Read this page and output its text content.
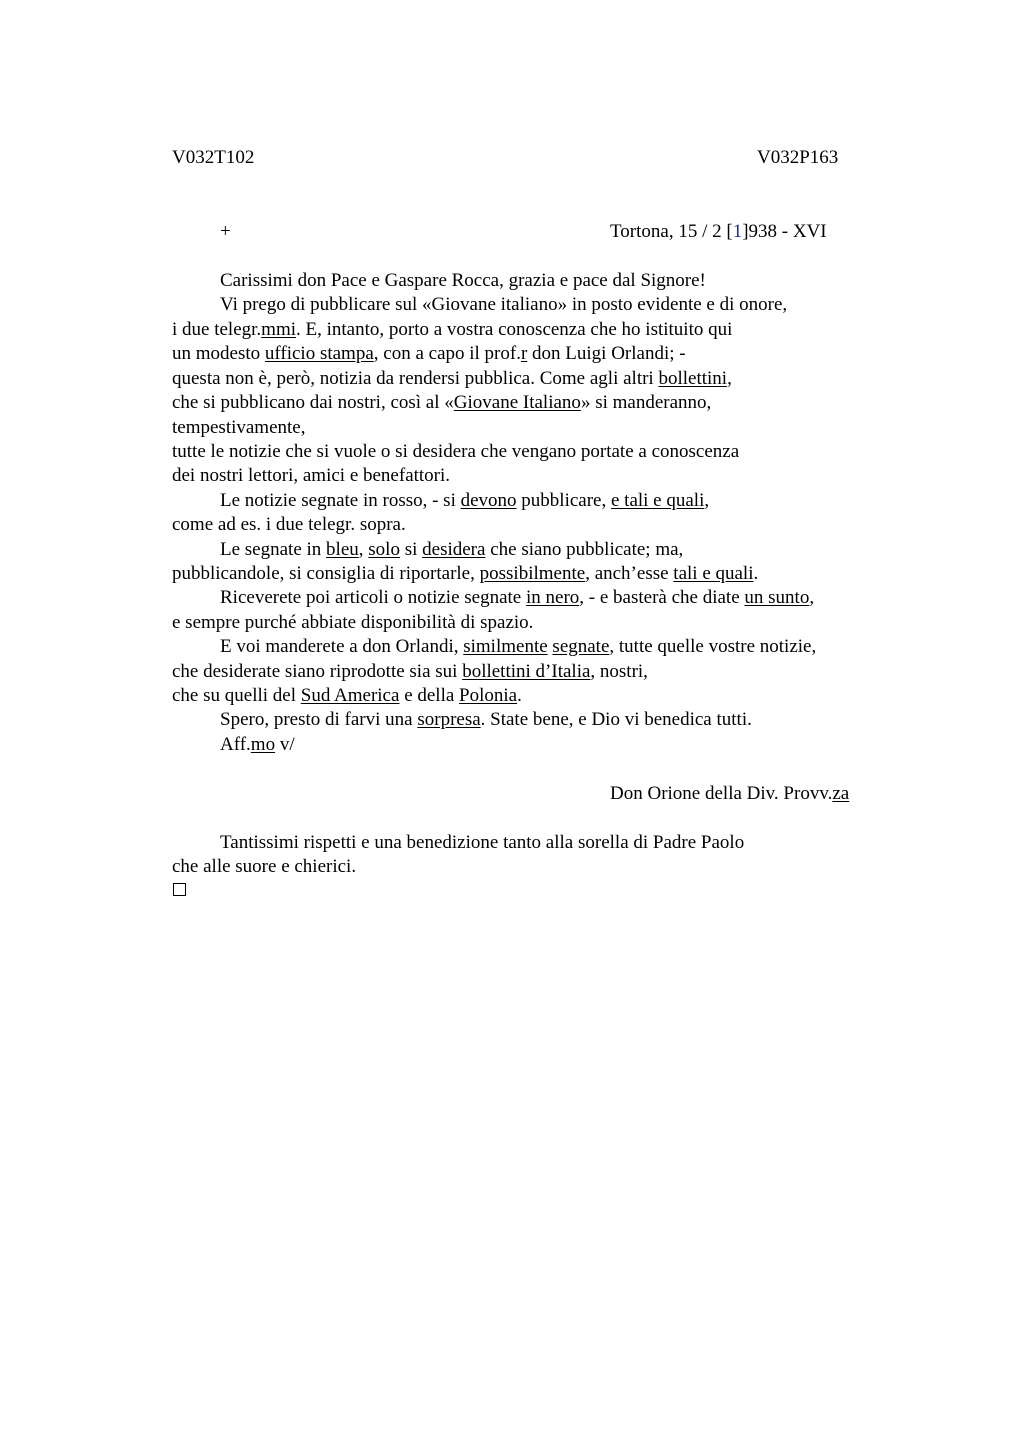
V032T102	V032P163
+	Tortona, 15 / 2 [1]938 - XVI
Carissimi don Pace e Gaspare Rocca, grazia e pace dal Signore!
Vi prego di pubblicare sul «Giovane italiano» in posto evidente e di onore,
i due telegr.mmi. E, intanto, porto a vostra conoscenza che ho istituito qui
un modesto ufficio stampa, con a capo il prof.r don Luigi Orlandi; -
questa non è, però, notizia da rendersi pubblica. Come agli altri bollettini,
che si pubblicano dai nostri, così al «Giovane Italiano» si manderanno,
tempestivamente,
tutte le notizie che si vuole o si desidera che vengano portate a conoscenza
dei nostri lettori, amici e benefattori.
Le notizie segnate in rosso, - si devono pubblicare, e tali e quali,
come ad es. i due telegr. sopra.
Le segnate in bleu, solo si desidera che siano pubblicate; ma,
pubblicandole, si consiglia di riportarle, possibilmente, anch’esse tali e quali.
Riceverete poi articoli o notizie segnate in nero, - e basterà che diate un sunto,
e sempre purché abbiate disponibilità di spazio.
E voi manderete a don Orlandi, similmente segnate, tutte quelle vostre notizie,
che desiderate siano riprodotte sia sui bollettini d’Italia, nostri,
che su quelli del Sud America e della Polonia.
Spero, presto di farvi una sorpresa. State bene, e Dio vi benedica tutti.
Aff.mo v/
Don Orione della Div. Provv.za
Tantissimi rispetti e una benedizione tanto alla sorella di Padre Paolo
che alle suore e chierici.
